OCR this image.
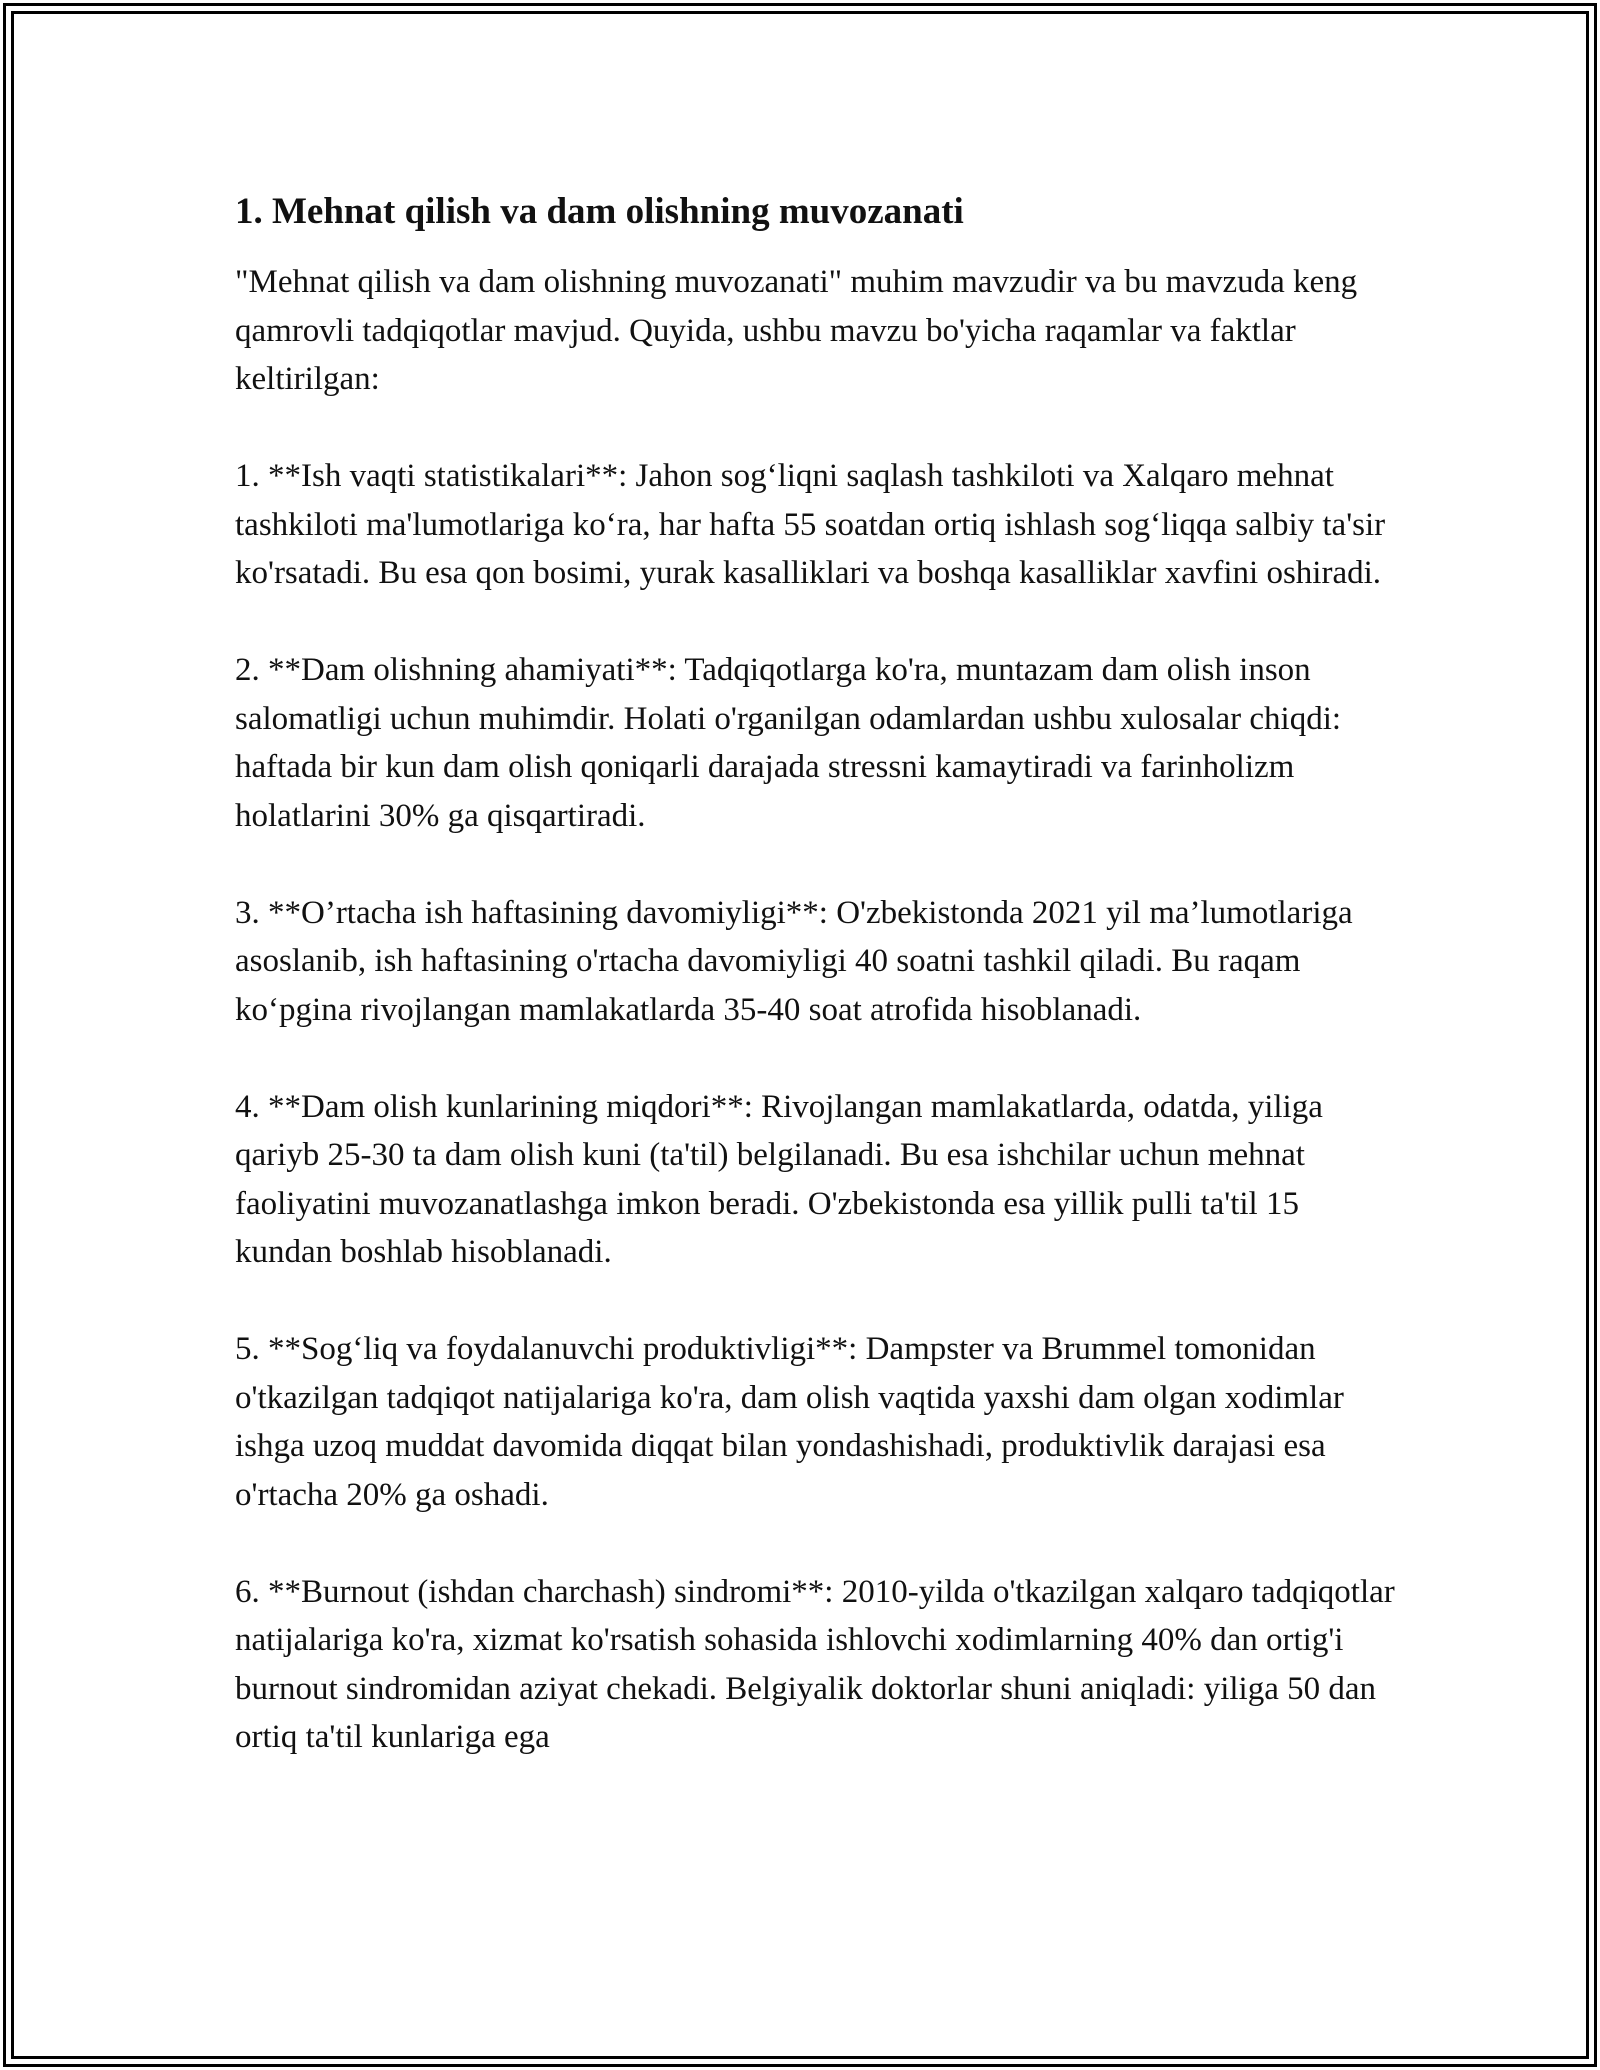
1. Mehnat qilish va dam olishning muvozanati
"Mehnat qilish va dam olishning muvozanati" muhim mavzudir va bu mavzuda keng qamrovli tadqiqotlar mavjud. Quyida, ushbu mavzu bo'yicha raqamlar va faktlar keltirilgan:
1. **Ish vaqti statistikalari**: Jahon sog‘liqni saqlash tashkiloti va Xalqaro mehnat tashkiloti ma'lumotlariga ko‘ra, har hafta 55 soatdan ortiq ishlash sog‘liqqa salbiy ta'sir ko'rsatadi. Bu esa qon bosimi, yurak kasalliklari va boshqa kasalliklar xavfini oshiradi.
2. **Dam olishning ahamiyati**: Tadqiqotlarga ko'ra, muntazam dam olish inson salomatligi uchun muhimdir. Holati o'rganilgan odamlardan ushbu xulosalar chiqdi: haftada bir kun dam olish qoniqarli darajada stressni kamaytiradi va farinholizm holatlarini 30% ga qisqartiradi.
3. **O’rtacha ish haftasining davomiyligi**: O'zbekistonda 2021 yil ma’lumotlariga asoslanib, ish haftasining o'rtacha davomiyligi 40 soatni tashkil qiladi. Bu raqam ko‘pgina rivojlangan mamlakatlarda 35-40 soat atrofida hisoblanadi.
4. **Dam olish kunlarining miqdori**: Rivojlangan mamlakatlarda, odatda, yiliga qariyb 25-30 ta dam olish kuni (ta'til) belgilanadi. Bu esa ishchilar uchun mehnat faoliyatini muvozanatlashga imkon beradi. O'zbekistonda esa yillik pulli ta'til 15 kundan boshlab hisoblanadi.
5. **Sog‘liq va foydalanuvchi produktivligi**: Dampster va Brummel tomonidan o'tkazilgan tadqiqot natijalariga ko'ra, dam olish vaqtida yaxshi dam olgan xodimlar ishga uzoq muddat davomida diqqat bilan yondashishadi, produktivlik darajasi esa o'rtacha 20% ga oshadi.
6. **Burnout (ishdan charchash) sindromi**: 2010-yilda o'tkazilgan xalqaro tadqiqotlar natijalariga ko'ra, xizmat ko'rsatish sohasida ishlovchi xodimlarning 40% dan ortig'i burnout sindromidan aziyat chekadi. Belgiyalik doktorlar shuni aniqladi: yiliga 50 dan ortiq ta'til kunlariga ega
